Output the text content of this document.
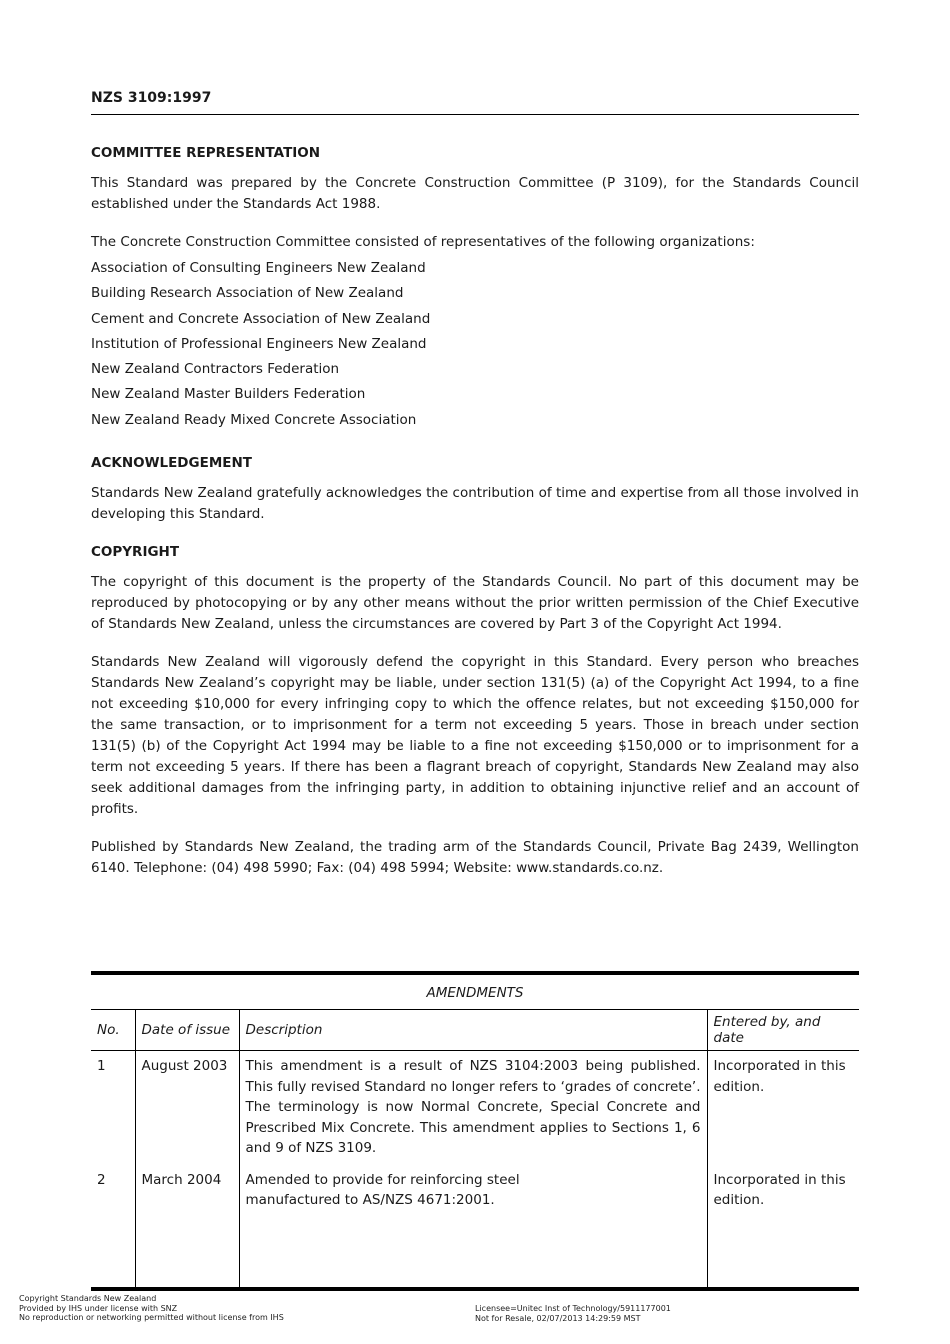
NZS 3109:1997
COMMITTEE REPRESENTATION

This Standard was prepared by the Concrete Construction Committee (P 3109), for the Standards Council established under the Standards Act 1988.

The Concrete Construction Committee consisted of representatives of the following organizations:

Association of Consulting Engineers New Zealand
Building Research Association of New Zealand
Cement and Concrete Association of New Zealand
Institution of Professional Engineers New Zealand
New Zealand Contractors Federation
New Zealand Master Builders Federation
New Zealand Ready Mixed Concrete Association
ACKNOWLEDGEMENT

Standards New Zealand gratefully acknowledges the contribution of time and expertise from all those involved in developing this Standard.

COPYRIGHT

The copyright of this document is the property of the Standards Council. No part of this document may be reproduced by photocopying or by any other means without the prior written permission of the Chief Executive of Standards New Zealand, unless the circumstances are covered by Part 3 of the Copyright Act 1994.

Standards New Zealand will vigorously defend the copyright in this Standard. Every person who breaches Standards New Zealand’s copyright may be liable, under section 131(5) (a) of the Copyright Act 1994, to a fine not exceeding $10,000 for every infringing copy to which the offence relates, but not exceeding $150,000 for the same transaction, or to imprisonment for a term not exceeding 5 years. Those in breach under section 131(5) (b) of the Copyright Act 1994 may be liable to a fine not exceeding $150,000 or to imprisonment for a term not exceeding 5 years. If there has been a flagrant breach of copyright, Standards New Zealand may also seek additional damages from the infringing party, in addition to obtaining injunctive relief and an account of profits.

Published by Standards New Zealand, the trading arm of the Standards Council, Private Bag 2439, Wellington 6140. Telephone: (04) 498 5990; Fax: (04) 498 5994; Website: www.standards.co.nz.

AMENDMENTS			
No.	Date of issue	Description	Entered by, and date
1	August 2003	This amendment is a result of NZS 3104:2003 being published. This fully revised Standard no longer refers to ‘grades of concrete’. The terminology is now Normal Concrete, Special Concrete and Prescribed Mix Concrete. This amendment applies to Sections 1, 6 and 9 of NZS 3109.	Incorporated in this edition.
2	March 2004	Amended to provide for reinforcing steel manufactured to AS/NZS 4671:2001.	Incorporated in this edition.
Copyright Standards New Zealand
Provided by IHS under license with SNZ
No reproduction or networking permitted without license from IHS
Licensee=Unitec Inst of Technology/5911177001
Not for Resale, 02/07/2013 14:29:59 MST
